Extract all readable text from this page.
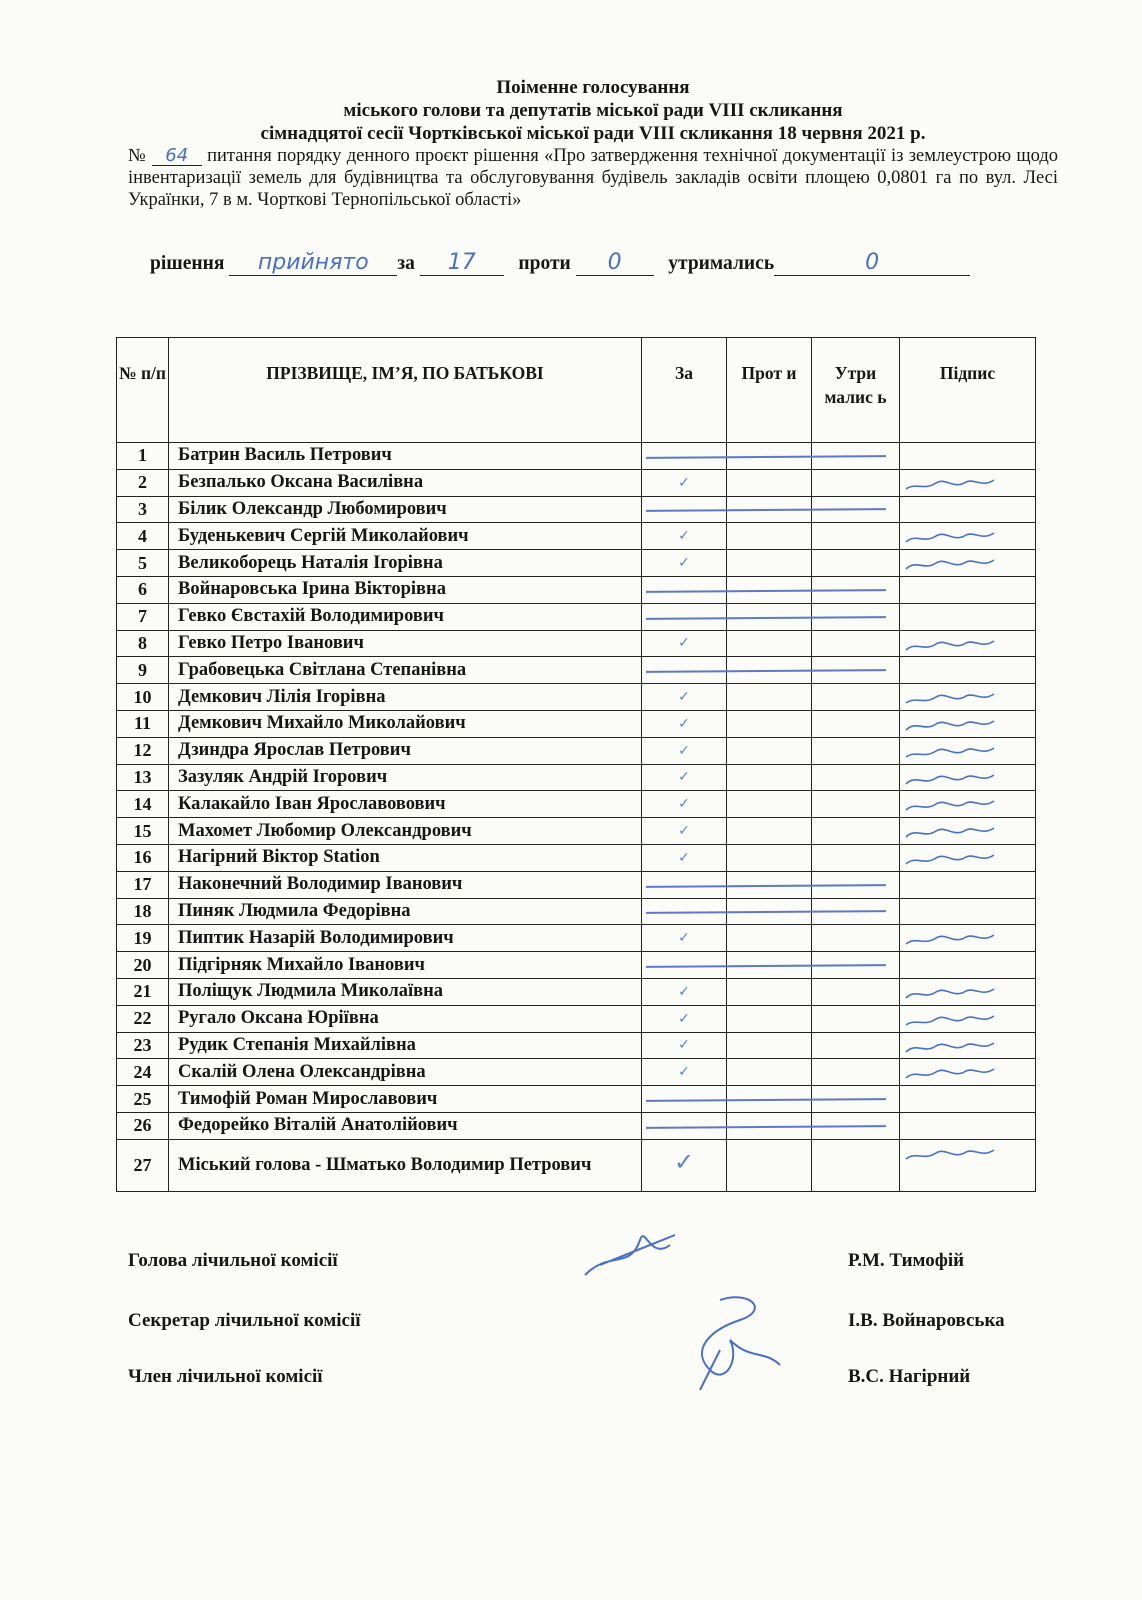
Поіменне голосування
міського голови та депутатів міської ради VIII скликання
сімнадцятої сесії Чортківської міської ради VIII скликання 18 червня 2021 р.
№ 64 питання порядку денного проєкт рішення «Про затвердження технічної документації із землеустрою щодо інвентаризації земель для будівництва та обслуговування будівель закладів освіти площею 0,0801 га по вул. Лесі Українки, 7 в м. Чорткові Тернопільської області»
рішення прийнято за 17 проти 0 утримались	0
№ п/п	ПРІЗВИЩЕ, ІМ’Я, ПО БАТЬКОВІ	За	Прот и	Утри малис ь	Підпис
1	Батрин Василь Петрович	

2	Безпалько Оксана Василівна	✓			

3	Білик Олександр Любомирович	

4	Буденькевич Сергій Миколайович	✓			

5	Великоборець Наталія Ігорівна	✓			

6	Войнаровська Ірина Вікторівна	

7	Гевко Євстахій Володимирович	

8	Гевко Петро Іванович	✓			

9	Грабовецька Світлана Степанівна	

10	Демкович Лілія Ігорівна	✓			

11	Демкович Михайло Миколайович	✓			

12	Дзиндра Ярослав Петрович	✓			

13	Зазуляк Андрій Ігорович	✓			

14	Калакайло Іван Ярославовович	✓			

15	Махомет Любомир Олександрович	✓			

16	Нагірний Віктор Station	✓			

17	Наконечний Володимир Іванович	

18	Пиняк Людмила Федорівна	

19	Пиптик Назарій Володимирович	✓			

20	Підгірняк Михайло Іванович	

21	Поліщук Людмила Миколаївна	✓			

22	Ругало Оксана Юріївна	✓			

23	Рудик Степанія Михайлівна	✓			

24	Скалій Олена Олександрівна	✓			

25	Тимофій Роман Мирославович	

26	Федорейко Віталій Анатолійович	

27	Міський голова - Шматько Володимир Петрович	✓			
Голова лічильної комісії	Р.М. Тимофій
Секретар лічильної комісії	І.В. Войнаровська
Член лічильної комісії	В.С. Нагірний
